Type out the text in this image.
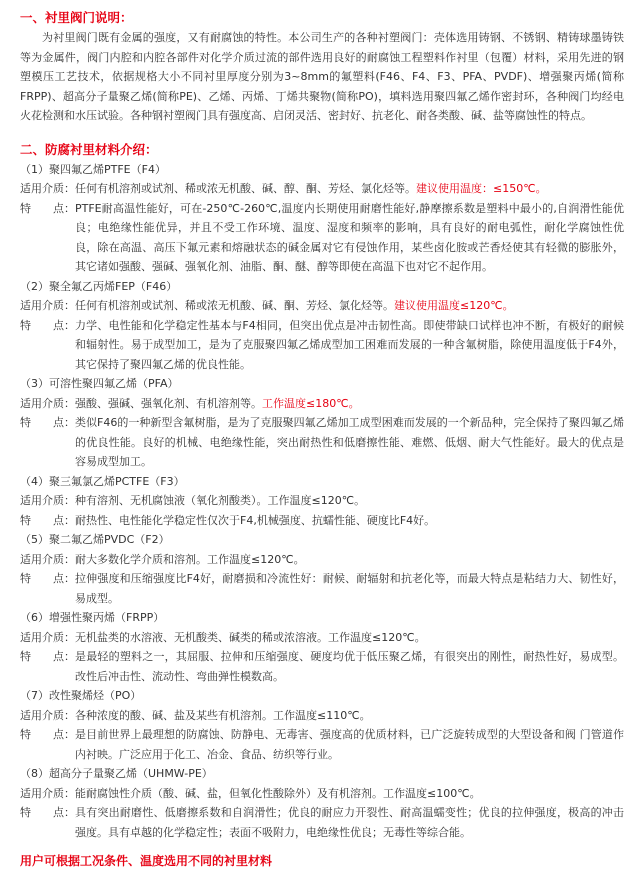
一、衬里阀门说明：
为衬里阀门既有金属的强度，又有耐腐蚀的特性。本公司生产的各种衬塑阀门：壳体选用铸钢、不锈钢、精铸球墨铸铁等为金属件，阀门内腔和内腔各部件对化学介质过流的部件选用良好的耐腐蚀工程塑料作衬里（包覆）材料，采用先进的钢塑模压工艺技术，依据规格大小不同衬里厚度分别为3~8mm的氟塑料(F46、F4、F3、PFA、PVDF)、增强聚丙烯(简称FRPP)、超高分子量聚乙烯(简称PE)、乙烯、丙烯、丁烯共聚物(简称PO)，填料选用聚四氟乙烯作密封环，各种阀门均经电火花检测和水压试验。各种钢衬塑阀门具有强度高、启闭灵活、密封好、抗老化、耐各类酸、碱、盐等腐蚀性的特点。
二、防腐衬里材料介绍：
（1）聚四氟乙烯PTFE（F4）
适用介质： 任何有机溶剂或试剂、稀或浓无机酸、碱、醇、酮、芳烃、氯化烃等。建议使用温度：≤150℃。
特　　点： PTFE耐高温性能好，可在-250℃-260℃,温度内长期使用耐磨性能好,静摩擦系数是塑料中最小的,自润滑性能优良；电绝缘性能优异，并且不受工作环境、温度、湿度和频率的影响，具有良好的耐电弧性，耐化学腐蚀性优良，除在高温、高压下氟元素和熔融状态的碱金属对它有侵蚀作用，某些卤化胺或芒香烃使其有轻微的膨胀外，其它诸如强酸、强碱、强氧化剂、油脂、酮、醚、醇等即使在高温下也对它不起作用。
（2）聚全氟乙丙烯FEP（F46）
适用介质： 任何有机溶剂或试剂、稀或浓无机酸、碱、酮、芳烃、氯化烃等。建议使用温度≤120℃。
特　　点： 力学、电性能和化学稳定性基本与F4相同，但突出优点是冲击韧性高。即使带缺口试样也冲不断，有极好的耐候和辐射性。易于成型加工，是为了克服聚四氟乙烯成型加工困难而发展的一种含氟树脂，除使用温度低于F4外，其它保持了聚四氟乙烯的优良性能。
（3）可溶性聚四氟乙烯（PFA）
适用介质： 强酸、强碱、强氧化剂、有机溶剂等。工作温度≤180℃。
特　　点： 类似F46的一种新型含氟树脂，是为了克服聚四氟乙烯加工成型困难而发展的一个新品种，完全保持了聚四氟乙烯的优良性能。良好的机械、电绝缘性能，突出耐热性和低磨擦性能、难燃、低烟、耐大气性能好。最大的优点是容易成型加工。
（4）聚三氟氯乙烯PCTFE（F3）
适用介质： 种有溶剂、无机腐蚀液（氧化剂酸类）。工作温度≤120℃。
特　　点： 耐热性、电性能化学稳定性仅次于F4,机械强度、抗蠕性能、硬度比F4好。
（5）聚二氟乙烯PVDC（F2）
适用介质： 耐大多数化学介质和溶剂。工作温度≤120℃。
特　　点： 拉伸强度和压缩强度比F4好，耐磨损和冷流性好：耐候、耐辐射和抗老化等，而最大特点是粘结力大、韧性好，易成型。
（6）增强性聚丙烯（FRPP）
适用介质： 无机盐类的水溶液、无机酸类、碱类的稀或浓溶液。工作温度≤120℃。
特　　点： 是最轻的塑料之一，其屈服、拉伸和压缩强度、硬度均优于低压聚乙烯，有很突出的刚性，耐热性好，易成型。改性后冲击性、流动性、弯曲弹性模数高。
（7）改性聚烯烃（PO）
适用介质： 各种浓度的酸、碱、盐及某些有机溶剂。工作温度≤110℃。
特　　点： 是目前世界上最理想的防腐蚀、防静电、无毒害、强度高的优质材料，已广泛旋转成型的大型设备和阀 门管道作内衬映。广泛应用于化工、冶金、食品、纺织等行业。
（8）超高分子量聚乙烯（UHMW-PE）
适用介质： 能耐腐蚀性介质（酸、碱、盐，但氧化性酸除外）及有机溶剂。工作温度≤100℃。
特　　点： 具有突出耐磨性、低磨擦系数和自润滑性；优良的耐应力开裂性、耐高温蠕变性；优良的拉伸强度，极高的冲击强度。具有卓越的化学稳定性；表面不吸附力，电绝缘性优良；无毒性等综合能。
用户可根据工况条件、温度选用不同的衬里材料
